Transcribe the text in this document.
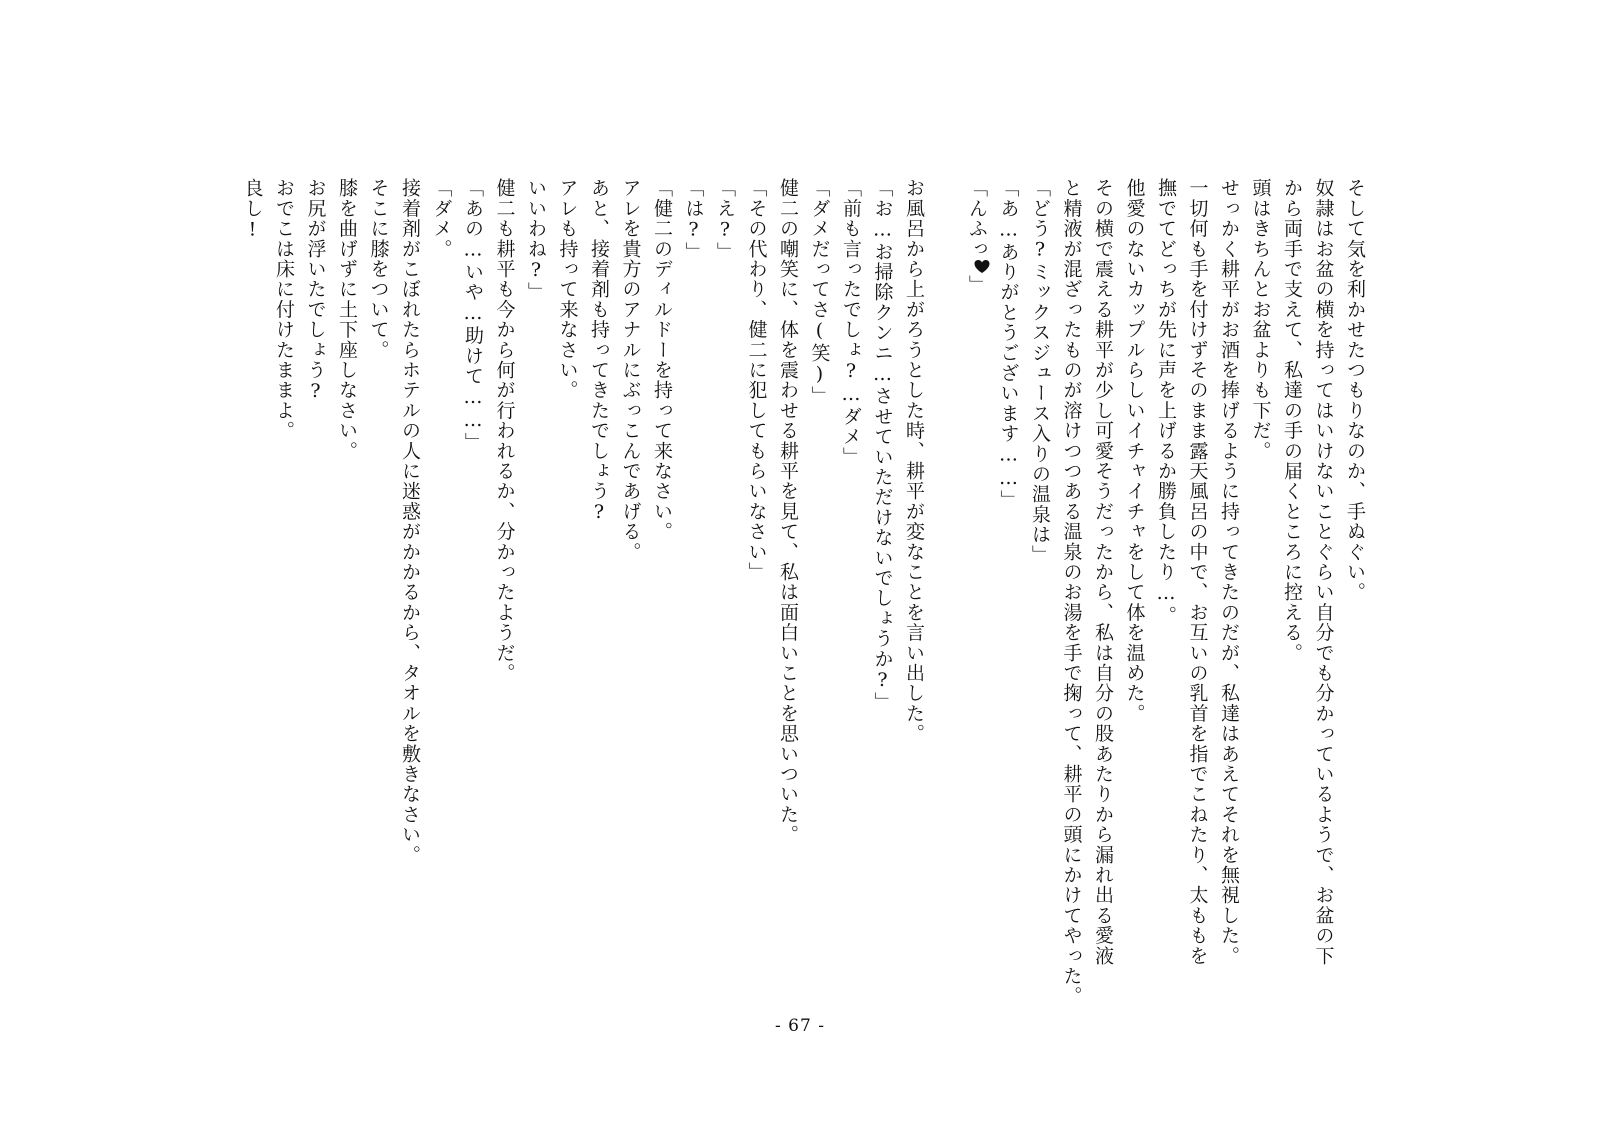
そして気を利かせたつもりなのか、手ぬぐい。

奴隷はお盆の横を持ってはいけないことぐらい自分でも分かっているようで、お盆の下

から両手で支えて、私達の手の届くところに控える。

頭はきちんとお盆よりも下だ。

せっかく耕平がお酒を捧げるように持ってきたのだが、私達はあえてそれを無視した。

一切何も手を付けずそのまま露天風呂の中で、お互いの乳首を指でこねたり、太ももを

撫でてどっちが先に声を上げるか勝負したり…。

他愛のないカップルらしいイチャイチャをして体を温めた。

その横で震える耕平が少し可愛そうだったから、私は自分の股あたりから漏れ出る愛液

と精液が混ざったものが溶けつつある温泉のお湯を手で掬って、耕平の頭にかけてやった。

「どう?ミックスジュース入りの温泉は」

「あ…ありがとうございます……」

「んふっ」

お風呂から上がろうとした時、耕平が変なことを言い出した。

「お…お掃除クンニ…させていただけないでしょうか?」

「前も言ったでしょ?…ダメ」

「ダメだってさ(笑)」

健二の嘲笑に、体を震わせる耕平を見て、私は面白いことを思いついた。

「その代わり、健二に犯してもらいなさい」

「え?」

「は?」

「健二のディルドーを持って来なさい。

アレを貴方のアナルにぶっこんであげる。

あと、接着剤も持ってきたでしょう?

アレも持って来なさい。

いいわね?」

健二も耕平も今から何が行われるか、分かったようだ。

「あの…いや…助けて……」

「ダメ。

接着剤がこぼれたらホテルの人に迷惑がかかるから、タオルを敷きなさい。

そこに膝をついて。

膝を曲げずに土下座しなさい。

お尻が浮いたでしょう?

おでこは床に付けたままよ。

良し!

- 67 -
